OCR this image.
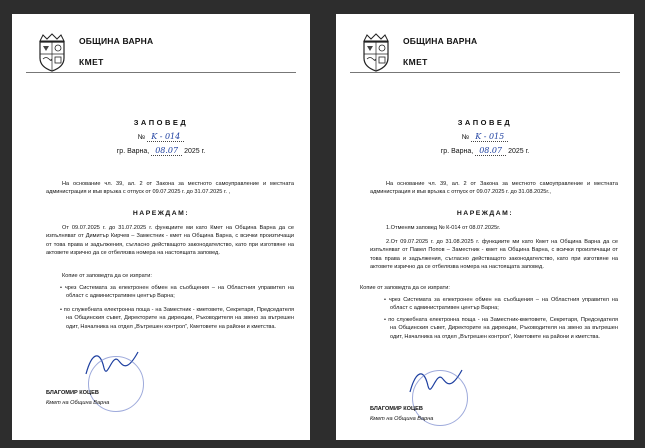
ОБЩИНА ВАРНА
КМЕТ
ЗАПОВЕД
№ K - 014
гр. Варна, 08.07 2025 г.
На основание чл. 39, ал. 2 от Закона за местното самоуправление и местната администрация и във връзка с отпуск от 09.07.2025 г. до 31.07.2025 г. ,
НАРЕЖДАМ:
От 09.07.2025 г. до 31.07.2025 г. функциите ми като Кмет на Община Варна да се изпълняват от Димитър Кирчев – Заместник - кмет на Община Варна, с всички произтичащи от това права и задължения, съгласно действащото законодателство, като при изготвяне на актовете изрично да се отбелязва номера на настоящата заповед.
Копие от заповедта да се изпрати:
• чрез Системата за електронен обмен на съобщения – на Областния управител на област с административен център Варна;
• по служебната електронна поща - на Заместник - кметовете, Секретаря, Председателя на Общинския съвет, Директорите на дирекции, Ръководителя на звено за вътрешен одит, Началника на отдел „Вътрешен контрол“, Кметовете на райони и кметства.
БЛАГОМИР КОЦЕВ
Кмет на Община Варна
ОБЩИНА ВАРНА
КМЕТ
ЗАПОВЕД
№ K - 015
гр. Варна, 08.07 2025 г.
На основание чл. 39, ал. 2 от Закона за местното самоуправление и местната администрация и във връзка с отпуск от 09.07.2025 г. до 31.08.2025г.,
НАРЕЖДАМ:
1.Отменям заповед № К-014 от 08.07.2025г.
2.От 09.07.2025 г. до 31.08.2025 г. функциите ми като Кмет на Община Варна да се изпълняват от Павел Попов – Заместник - кмет на Община Варна, с всички произтичащи от това права и задължения, съгласно действащото законодателство, като при изготвяне на актовете изрично да се отбелязва номера на настоящата заповед.
Копие от заповедта да се изпрати:
• чрез Системата за електронен обмен на съобщения – на Областния управител на област с административен център Варна;
• по служебната електронна поща - на Заместник-кметовете, Секретаря, Председателя на Общинския съвет, Директорите на дирекции, Ръководителя на звено за вътрешен одит, Началника на отдел „Вътрешен контрол“, Кметовете на райони и кметства.
БЛАГОМИР КОЦЕВ
Кмет на Община Варна
